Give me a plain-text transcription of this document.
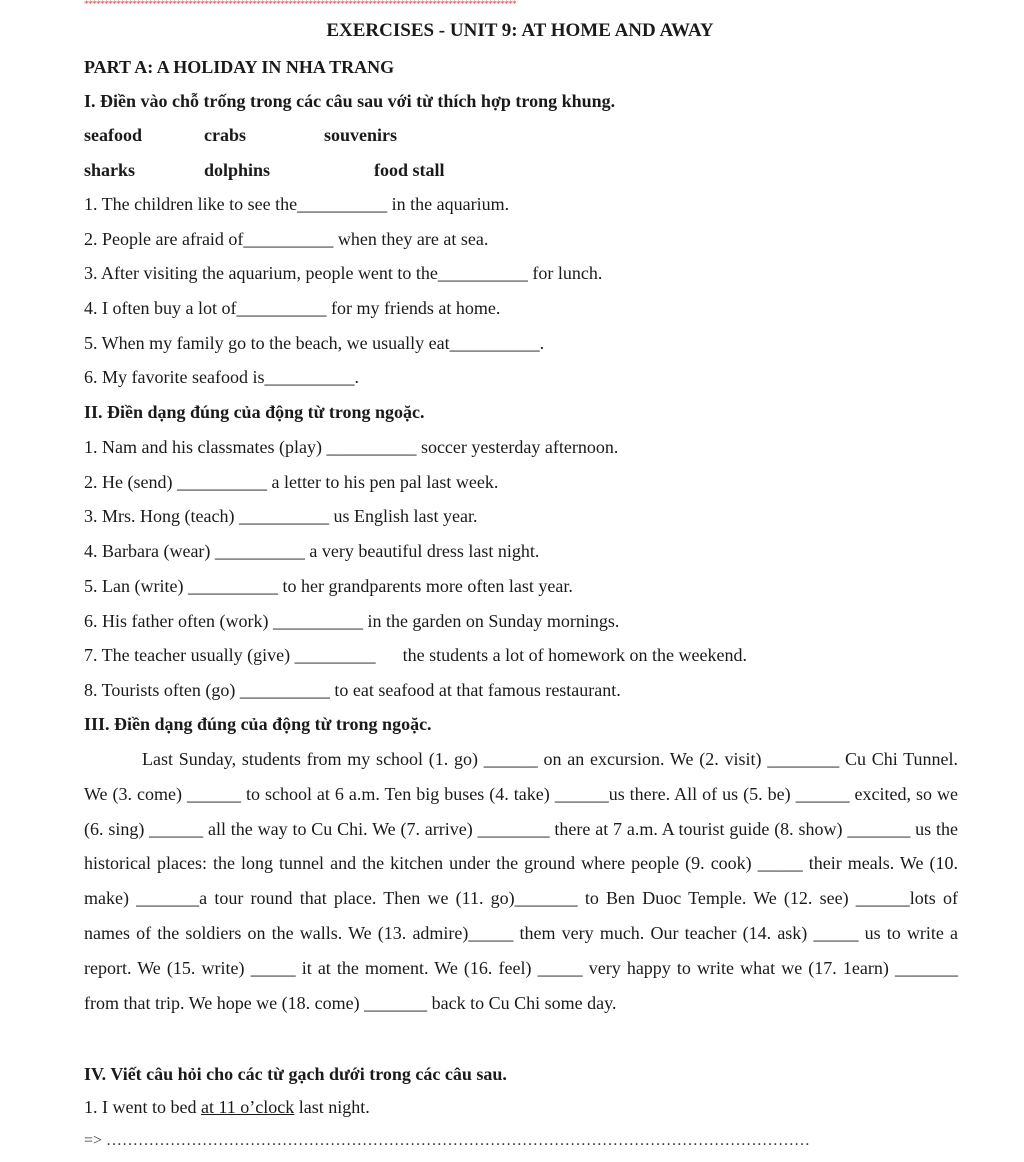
************************************************************************************************************
EXERCISES - UNIT 9: AT HOME AND AWAY
PART A: A HOLIDAY IN NHA TRANG
I. Điền vào chỗ trống trong các câu sau với từ thích hợp trong khung.
seafood	crabs	souvenirs
sharks	dolphins	food stall
1. The children like to see the__________ in the aquarium.
2. People are afraid of__________ when they are at sea.
3. After visiting the aquarium, people went to the__________ for lunch.
4. I often buy a lot of__________ for my friends at home.
5. When my family go to the beach, we usually eat__________.
6. My favorite seafood is__________.
II. Điền dạng đúng của động từ trong ngoặc.
1. Nam and his classmates (play) __________ soccer yesterday afternoon.
2. He (send) __________ a letter to his pen pal last week.
3. Mrs. Hong (teach) __________ us English last year.
4. Barbara (wear) __________ a very beautiful dress last night.
5. Lan (write) __________ to her grandparents more often last year.
6. His father often (work) __________ in the garden on Sunday mornings.
7. The teacher usually (give) _________      the students a lot of homework on the weekend.
8. Tourists often (go) __________ to eat seafood at that famous restaurant.
III. Điền dạng đúng của động từ trong ngoặc.
Last Sunday, students from my school (1. go) ______ on an excursion. We (2. visit) ________ Cu Chi Tunnel. We (3. come) ______ to school at 6 a.m. Ten big buses (4. take) ______us there. All of us (5. be) ______ excited, so we (6. sing) ______ all the way to Cu Chi. We (7. arrive) ________ there at 7 a.m. A tourist guide (8. show) _______ us the historical places: the long tunnel and the kitchen under the ground where people (9. cook) _____ their meals. We (10. make) _______a tour round that place. Then we (11. go)_______ to Ben Duoc Temple. We (12. see) ______lots of names of the soldiers on the walls. We (13. admire)_____ them very much. Our teacher (14. ask) _____ us to write a report. We (15. write) _____ it at the moment. We (16. feel) _____ very happy to write what we (17. 1earn) _______ from that trip. We hope we (18. come) _______ back to Cu Chi some day.
IV. Viết câu hỏi cho các từ gạch dưới trong các câu sau.
1. I went to bed at 11 o’clock last night.
=> ……………………………………………………………………………………………………………………
